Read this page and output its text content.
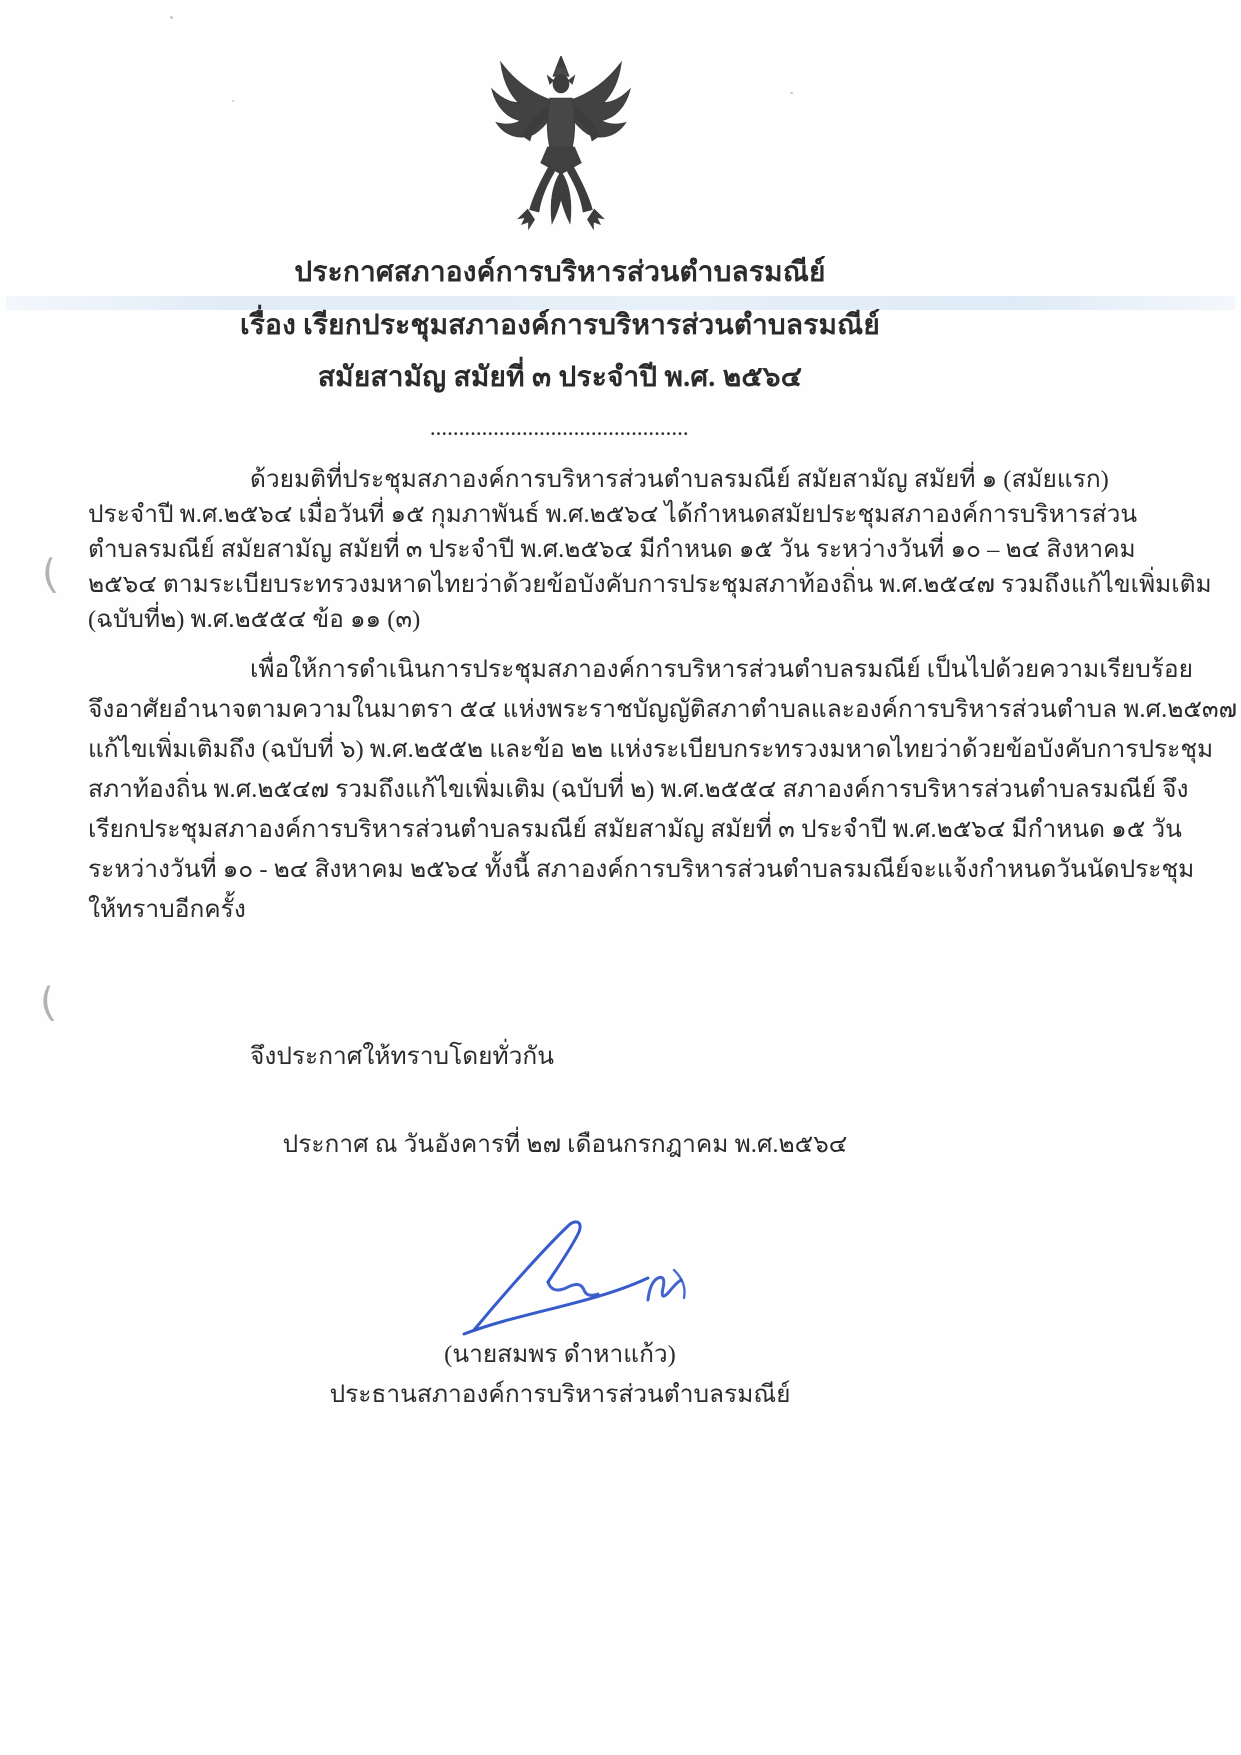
(
(
ประกาศสภาองค์การบริหารส่วนตำบลรมณีย์
เรื่อง เรียกประชุมสภาองค์การบริหารส่วนตำบลรมณีย์
สมัยสามัญ สมัยที่ ๓ ประจำปี พ.ศ. ๒๕๖๔
.............................................
ด้วยมติที่ประชุมสภาองค์การบริหารส่วนตำบลรมณีย์ สมัยสามัญ สมัยที่ ๑ (สมัยแรก)
ประจำปี พ.ศ.๒๕๖๔ เมื่อวันที่ ๑๕ กุมภาพันธ์ พ.ศ.๒๕๖๔ ได้กำหนดสมัยประชุมสภาองค์การบริหารส่วน
ตำบลรมณีย์ สมัยสามัญ สมัยที่ ๓ ประจำปี พ.ศ.๒๕๖๔ มีกำหนด ๑๕ วัน ระหว่างวันที่ ๑๐ – ๒๔ สิงหาคม
๒๕๖๔ ตามระเบียบระทรวงมหาดไทยว่าด้วยข้อบังคับการประชุมสภาท้องถิ่น พ.ศ.๒๕๔๗ รวมถึงแก้ไขเพิ่มเติม
(ฉบับที่๒) พ.ศ.๒๕๕๔ ข้อ ๑๑ (๓)
เพื่อให้การดำเนินการประชุมสภาองค์การบริหารส่วนตำบลรมณีย์ เป็นไปด้วยความเรียบร้อย
จึงอาศัยอำนาจตามความในมาตรา ๕๔ แห่งพระราชบัญญัติสภาตำบลและองค์การบริหารส่วนตำบล พ.ศ.๒๕๓๗
แก้ไขเพิ่มเติมถึง (ฉบับที่ ๖) พ.ศ.๒๕๕๒ และข้อ ๒๒ แห่งระเบียบกระทรวงมหาดไทยว่าด้วยข้อบังคับการประชุม
สภาท้องถิ่น พ.ศ.๒๕๔๗ รวมถึงแก้ไขเพิ่มเติม (ฉบับที่ ๒) พ.ศ.๒๕๕๔ สภาองค์การบริหารส่วนตำบลรมณีย์ จึง
เรียกประชุมสภาองค์การบริหารส่วนตำบลรมณีย์ สมัยสามัญ สมัยที่ ๓ ประจำปี พ.ศ.๒๕๖๔ มีกำหนด ๑๕ วัน
ระหว่างวันที่ ๑๐ - ๒๔ สิงหาคม ๒๕๖๔ ทั้งนี้ สภาองค์การบริหารส่วนตำบลรมณีย์จะแจ้งกำหนดวันนัดประชุม
ให้ทราบอีกครั้ง
จึงประกาศให้ทราบโดยทั่วกัน
ประกาศ ณ วันอังคารที่ ๒๗ เดือนกรกฎาคม พ.ศ.๒๕๖๔
(นายสมพร ดำหาแก้ว)
ประธานสภาองค์การบริหารส่วนตำบลรมณีย์
